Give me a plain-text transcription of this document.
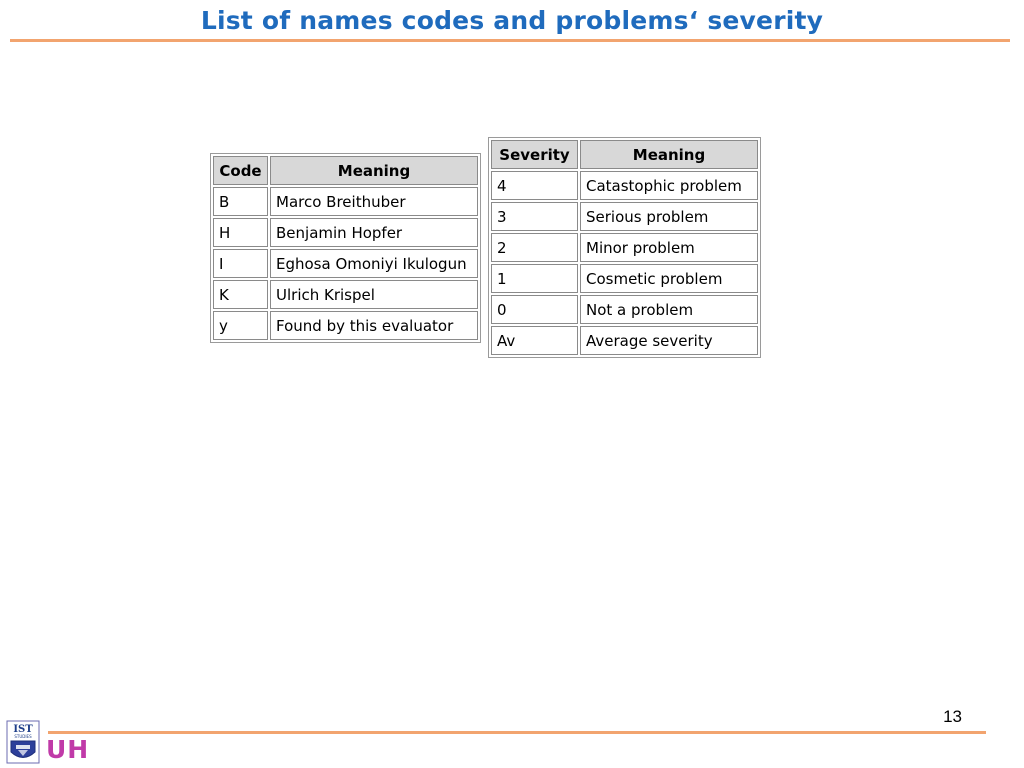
List of names codes and problems‘ severity
Code	Meaning
B	Marco Breithuber
H	Benjamin Hopfer
I	Eghosa Omoniyi Ikulogun
K	Ulrich Krispel
y	Found by this evaluator
Severity	Meaning
4	Catastophic problem
3	Serious problem
2	Minor problem
1	Cosmetic problem
0	Not a problem
Av	Average severity
13
IST
STUDIES UH
